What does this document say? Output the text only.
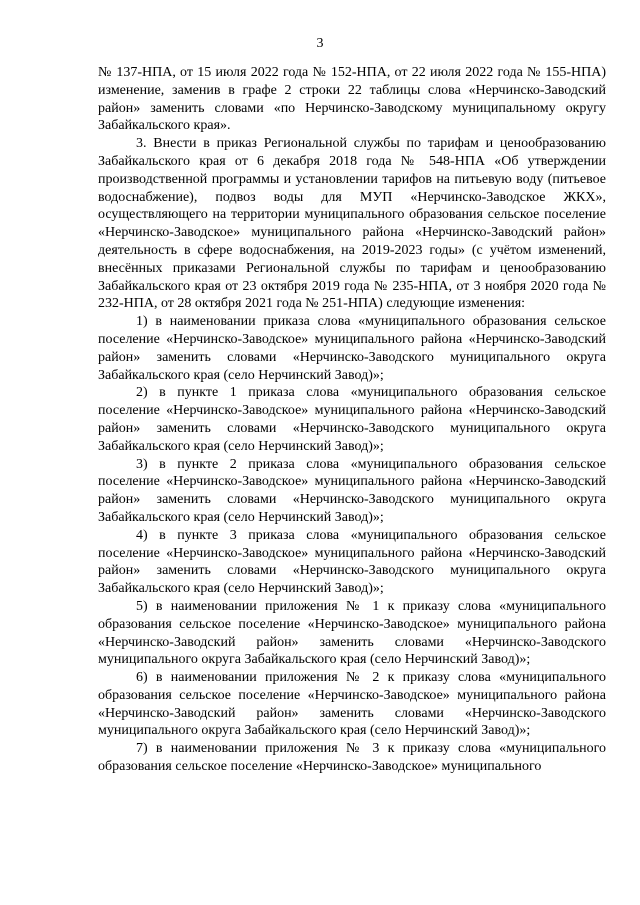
3

№ 137-НПА, от 15 июля 2022 года № 152-НПА, от 22 июля 2022 года № 155-НПА) изменение, заменив в графе 2 строки 22 таблицы слова «Нерчинско-Заводский район» заменить словами «по Нерчинско-Заводскому муниципальному округу Забайкальского края».

3. Внести в приказ Региональной службы по тарифам и ценообразованию Забайкальского края от 6 декабря 2018 года № 548-НПА «Об утверждении производственной программы и установлении тарифов на питьевую воду (питьевое водоснабжение), подвоз воды для МУП «Нерчинско-Заводское ЖКХ», осуществляющего на территории муниципального образования сельское поселение «Нерчинско-Заводское» муниципального района «Нерчинско-Заводский район» деятельность в сфере водоснабжения, на 2019-2023 годы» (с учётом изменений, внесённых приказами Региональной службы по тарифам и ценообразованию Забайкальского края от 23 октября 2019 года № 235-НПА, от 3 ноября 2020 года № 232-НПА, от 28 октября 2021 года № 251-НПА) следующие изменения:

1) в наименовании приказа слова «муниципального образования сельское поселение «Нерчинско-Заводское» муниципального района «Нерчинско-Заводский район» заменить словами «Нерчинско-Заводского муниципального округа Забайкальского края (село Нерчинский Завод)»;

2) в пункте 1 приказа слова «муниципального образования сельское поселение «Нерчинско-Заводское» муниципального района «Нерчинско-Заводский район» заменить словами «Нерчинско-Заводского муниципального округа Забайкальского края (село Нерчинский Завод)»;

3) в пункте 2 приказа слова «муниципального образования сельское поселение «Нерчинско-Заводское» муниципального района «Нерчинско-Заводский район» заменить словами «Нерчинско-Заводского муниципального округа Забайкальского края (село Нерчинский Завод)»;

4) в пункте 3 приказа слова «муниципального образования сельское поселение «Нерчинско-Заводское» муниципального района «Нерчинско-Заводский район» заменить словами «Нерчинско-Заводского муниципального округа Забайкальского края (село Нерчинский Завод)»;

5) в наименовании приложения № 1 к приказу слова «муниципального образования сельское поселение «Нерчинско-Заводское» муниципального района «Нерчинско-Заводский район» заменить словами «Нерчинско-Заводского муниципального округа Забайкальского края (село Нерчинский Завод)»;

6) в наименовании приложения № 2 к приказу слова «муниципального образования сельское поселение «Нерчинско-Заводское» муниципального района «Нерчинско-Заводский район» заменить словами «Нерчинско-Заводского муниципального округа Забайкальского края (село Нерчинский Завод)»;

7) в наименовании приложения № 3 к приказу слова «муниципального образования сельское поселение «Нерчинско-Заводское» муниципального
